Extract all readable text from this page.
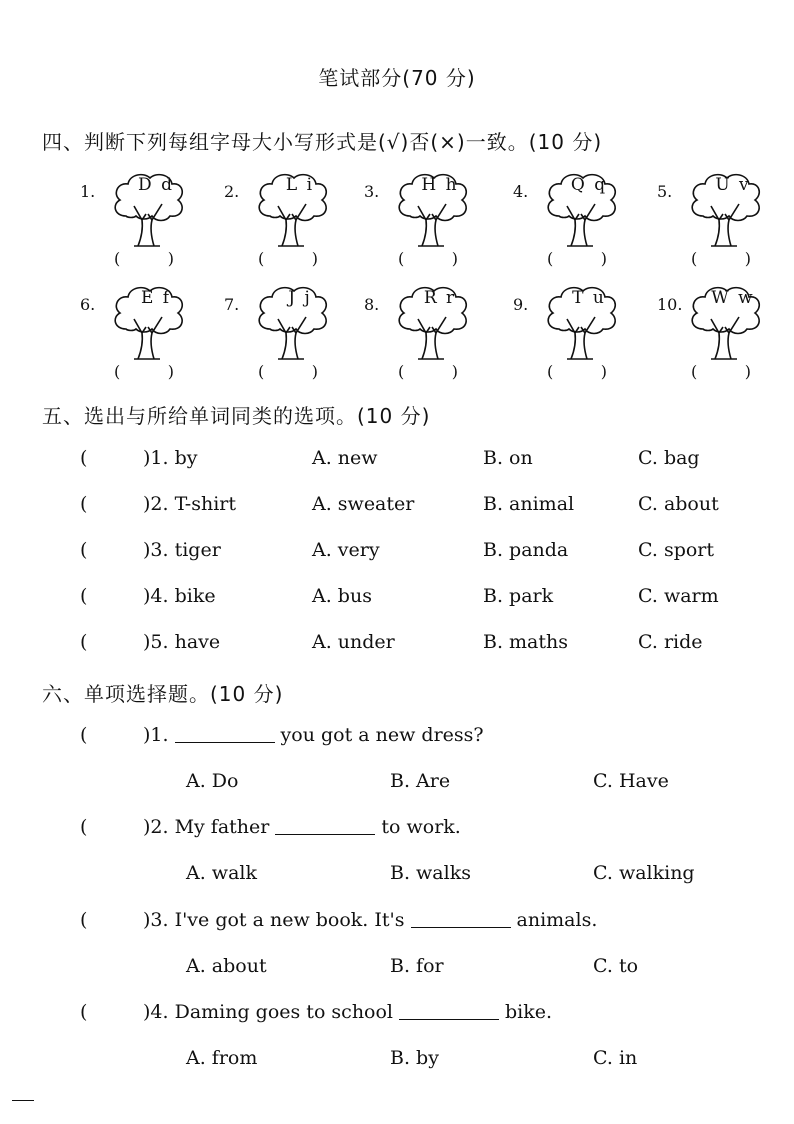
笔试部分(70 分)
四、判断下列每组字母大小写形式是(√)否(×)一致。(10 分)
1.	D d
(	)
2.	L i
(	)
3.	H h
(	)
4.	Q q
(	)
5.	U v
(	)
6.	E f
(	)
7.	J j
(	)
8.	R r
(	)
9.	T u
(	)
10.	W w
(	)
五、选出与所给单词同类的选项。(10 分)
(	)1. by	A. new	B. on	C. bag
(	)2. T-shirt	A. sweater	B. animal	C. about
(	)3. tiger	A. very	B. panda	C. sport
(	)4. bike	A. bus	B. park	C. warm
(	)5. have	A. under	B. maths	C. ride
六、单项选择题。(10 分)
(	)1.	you got a new dress?
A. Do	B. Are	C. Have
(	)2. My father	to work.
A. walk	B. walks	C. walking
(	)3. I've got a new book. It's	animals.
A. about	B. for	C. to
(	)4. Daming goes to school	bike.
A. from	B. by	C. in
